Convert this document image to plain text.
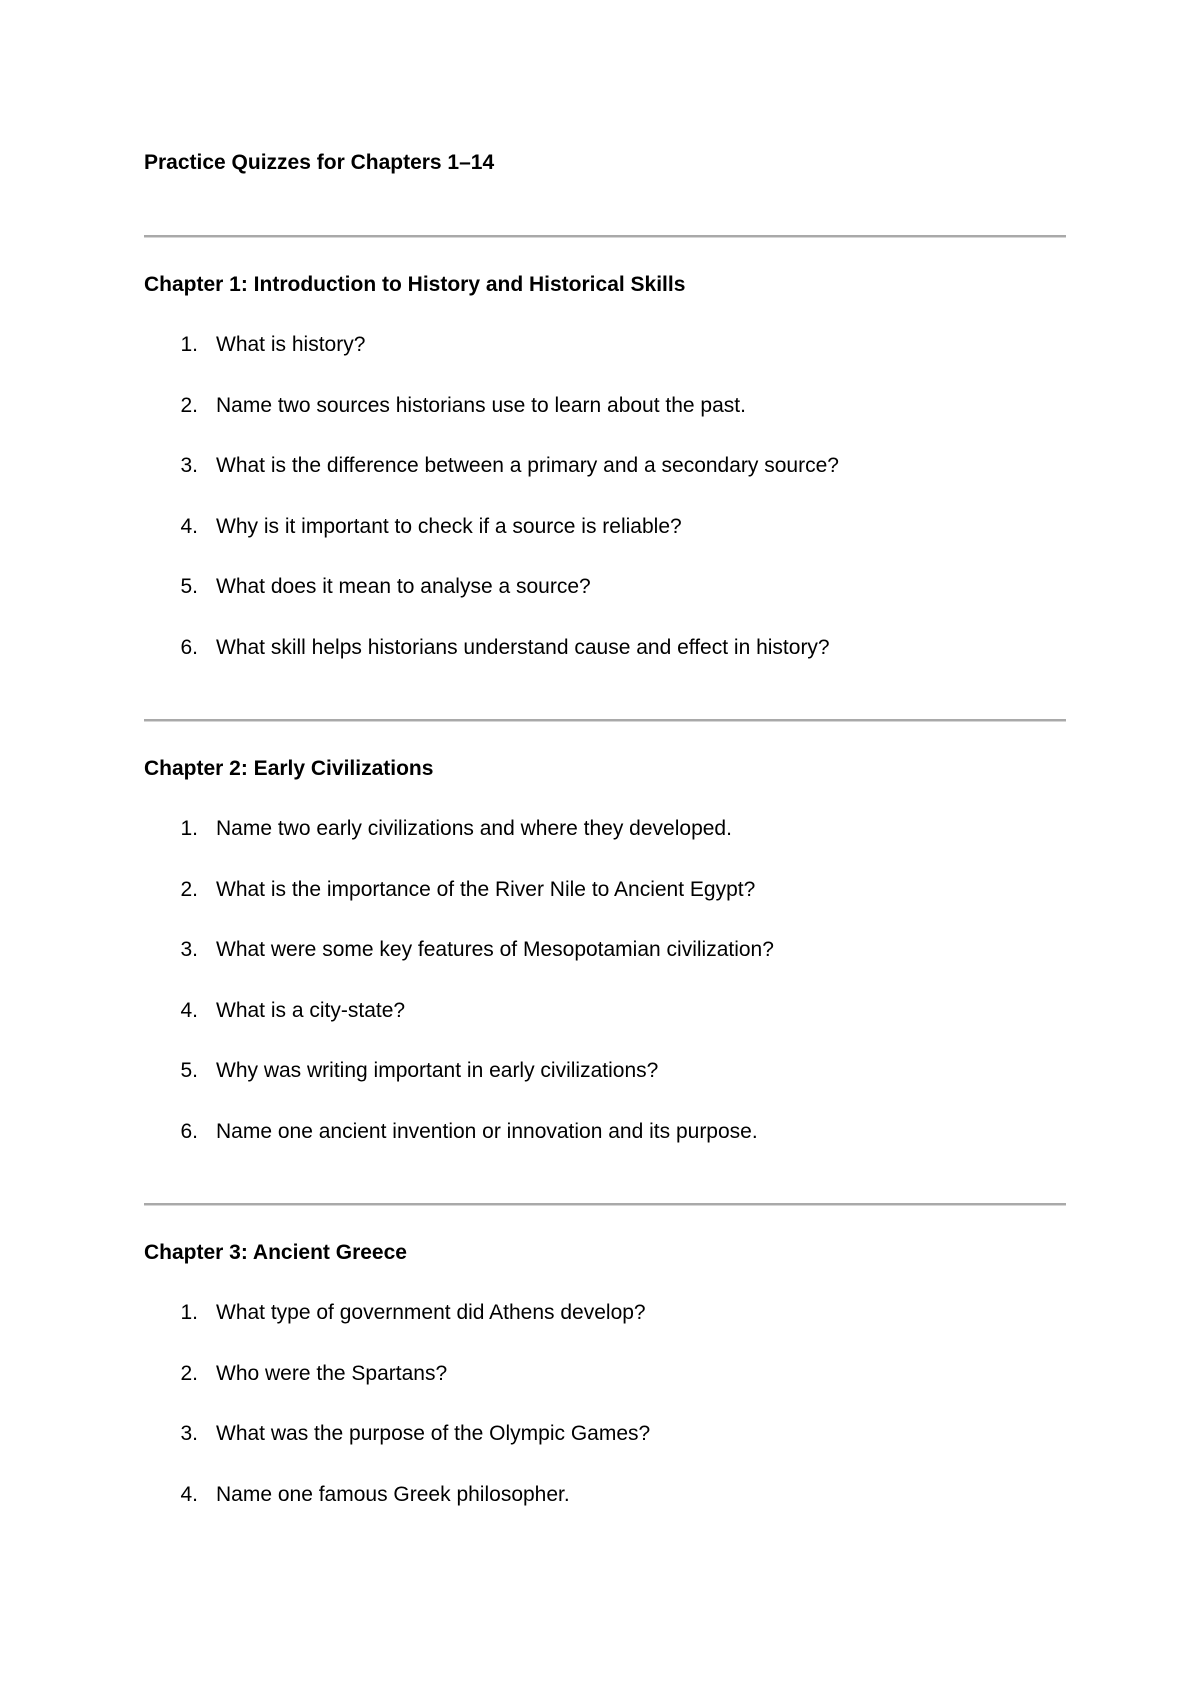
Practice Quizzes for Chapters 1–14
Chapter 1: Introduction to History and Historical Skills
1. What is history?
2. Name two sources historians use to learn about the past.
3. What is the difference between a primary and a secondary source?
4. Why is it important to check if a source is reliable?
5. What does it mean to analyse a source?
6. What skill helps historians understand cause and effect in history?
Chapter 2: Early Civilizations
1. Name two early civilizations and where they developed.
2. What is the importance of the River Nile to Ancient Egypt?
3. What were some key features of Mesopotamian civilization?
4. What is a city-state?
5. Why was writing important in early civilizations?
6. Name one ancient invention or innovation and its purpose.
Chapter 3: Ancient Greece
1. What type of government did Athens develop?
2. Who were the Spartans?
3. What was the purpose of the Olympic Games?
4. Name one famous Greek philosopher.
